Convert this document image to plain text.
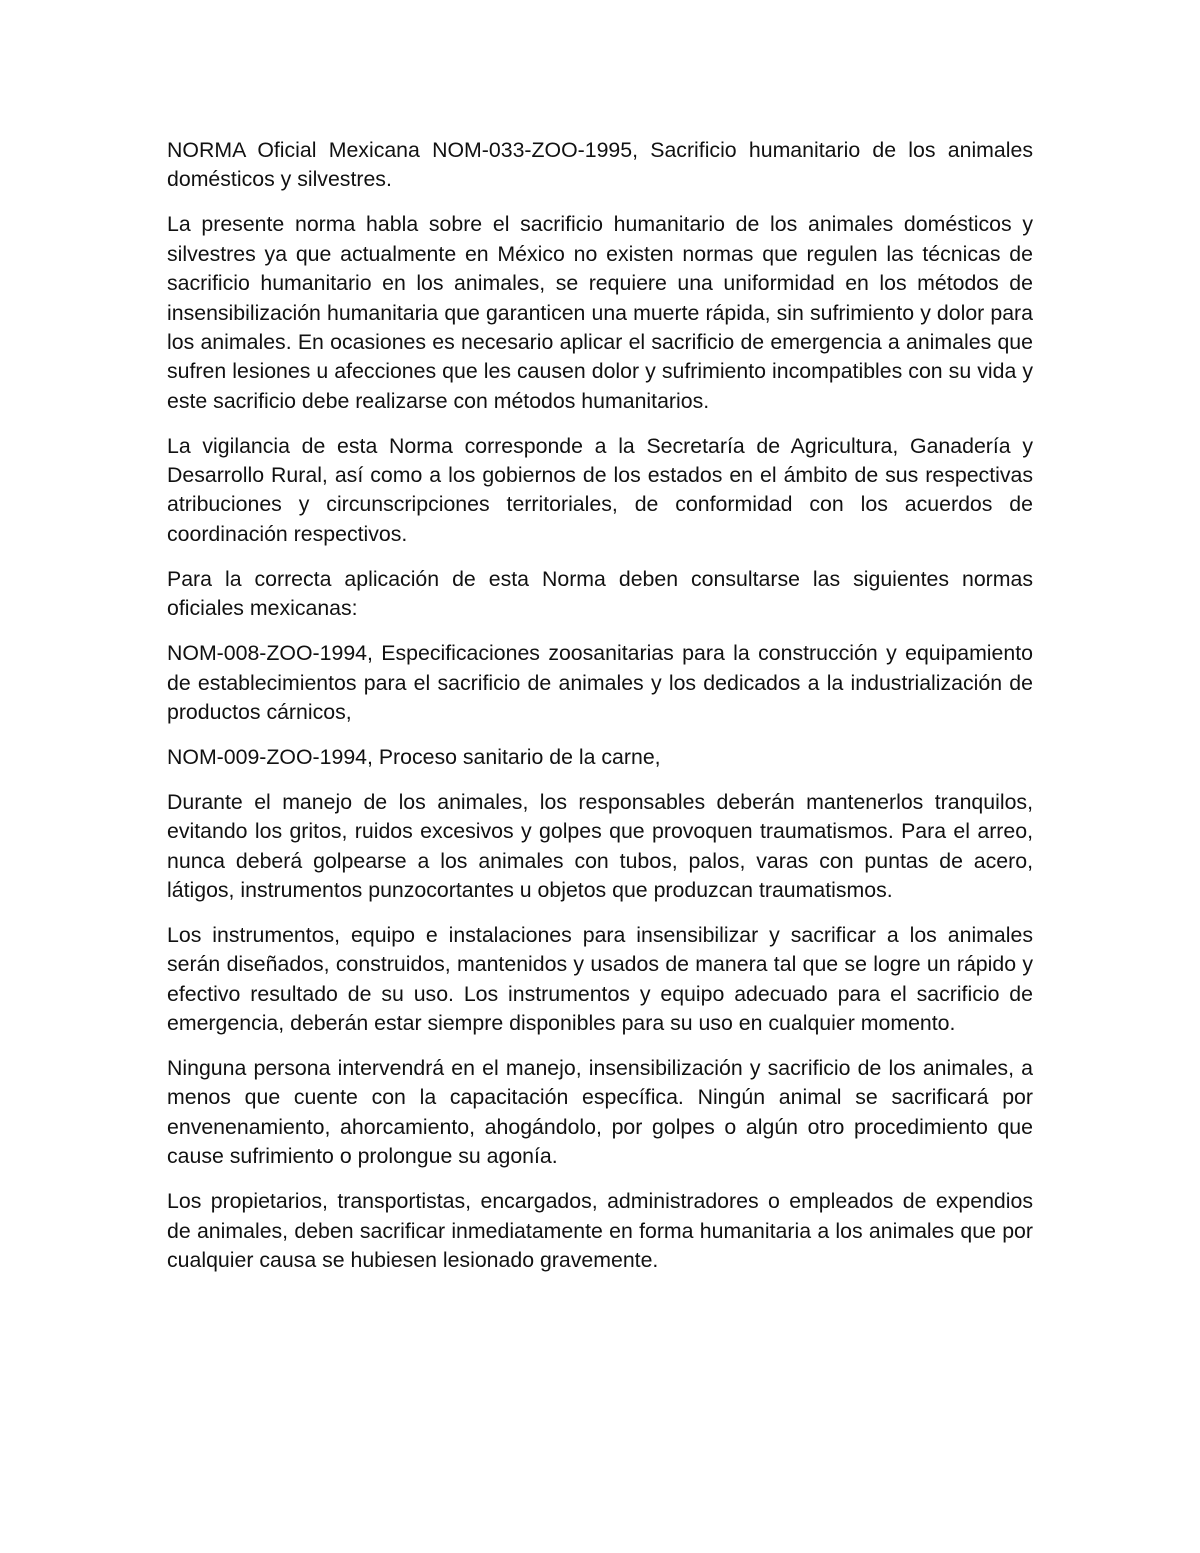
NORMA Oficial Mexicana NOM-033-ZOO-1995, Sacrificio humanitario de los animales domésticos y silvestres.

La presente norma habla sobre el sacrificio humanitario de los animales domésticos y silvestres ya que actualmente en México no existen normas que regulen las técnicas de sacrificio humanitario en los animales, se requiere una uniformidad en los métodos de insensibilización humanitaria que garanticen una muerte rápida, sin sufrimiento y dolor para los animales. En ocasiones es necesario aplicar el sacrificio de emergencia a animales que sufren lesiones u afecciones que les causen dolor y sufrimiento incompatibles con su vida y este sacrificio debe realizarse con métodos humanitarios.

La vigilancia de esta Norma corresponde a la Secretaría de Agricultura, Ganadería y Desarrollo Rural, así como a los gobiernos de los estados en el ámbito de sus respectivas atribuciones y circunscripciones territoriales, de conformidad con los acuerdos de coordinación respectivos.

Para la correcta aplicación de esta Norma deben consultarse las siguientes normas oficiales mexicanas:

NOM-008-ZOO-1994, Especificaciones zoosanitarias para la construcción y equipamiento de establecimientos para el sacrificio de animales y los dedicados a la industrialización de productos cárnicos,

NOM-009-ZOO-1994, Proceso sanitario de la carne,

Durante el manejo de los animales, los responsables deberán mantenerlos tranquilos, evitando los gritos, ruidos excesivos y golpes que provoquen traumatismos. Para el arreo, nunca deberá golpearse a los animales con tubos, palos, varas con puntas de acero, látigos, instrumentos punzocortantes u objetos que produzcan traumatismos.

Los instrumentos, equipo e instalaciones para insensibilizar y sacrificar a los animales serán diseñados, construidos, mantenidos y usados de manera tal que se logre un rápido y efectivo resultado de su uso. Los instrumentos y equipo adecuado para el sacrificio de emergencia, deberán estar siempre disponibles para su uso en cualquier momento.

Ninguna persona intervendrá en el manejo, insensibilización y sacrificio de los animales, a menos que cuente con la capacitación específica. Ningún animal se sacrificará por envenenamiento, ahorcamiento, ahogándolo, por golpes o algún otro procedimiento que cause sufrimiento o prolongue su agonía.

Los propietarios, transportistas, encargados, administradores o empleados de expendios de animales, deben sacrificar inmediatamente en forma humanitaria a los animales que por cualquier causa se hubiesen lesionado gravemente.
